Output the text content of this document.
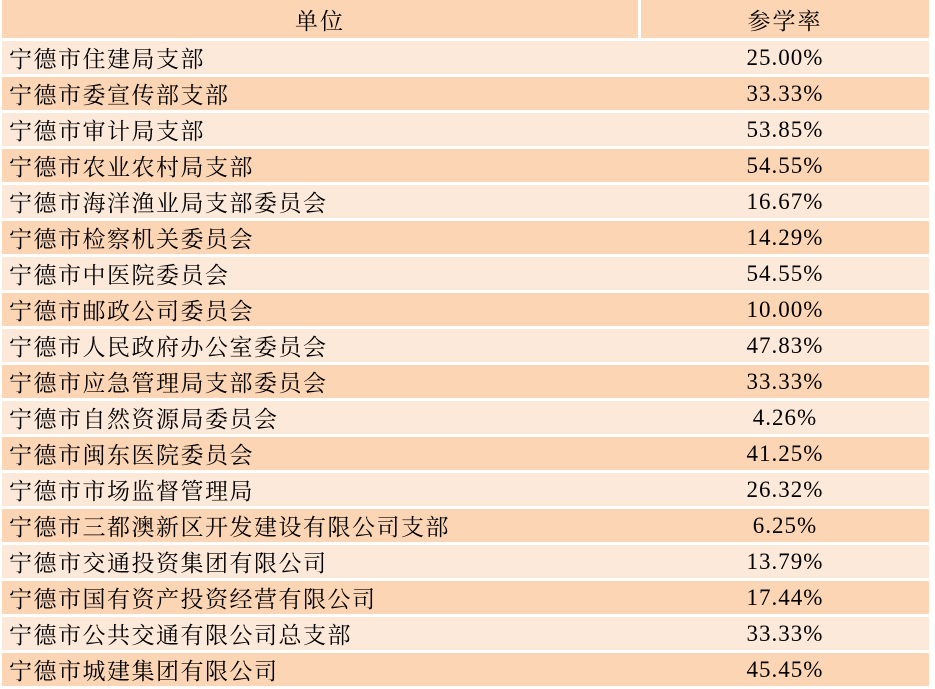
单位	参学率
宁德市住建局支部	25.00%
宁德市委宣传部支部	33.33%
宁德市审计局支部	53.85%
宁德市农业农村局支部	54.55%
宁德市海洋渔业局支部委员会	16.67%
宁德市检察机关委员会	14.29%
宁德市中医院委员会	54.55%
宁德市邮政公司委员会	10.00%
宁德市人民政府办公室委员会	47.83%
宁德市应急管理局支部委员会	33.33%
宁德市自然资源局委员会	4.26%
宁德市闽东医院委员会	41.25%
宁德市市场监督管理局	26.32%
宁德市三都澳新区开发建设有限公司支部	6.25%
宁德市交通投资集团有限公司	13.79%
宁德市国有资产投资经营有限公司	17.44%
宁德市公共交通有限公司总支部	33.33%
宁德市城建集团有限公司	45.45%
